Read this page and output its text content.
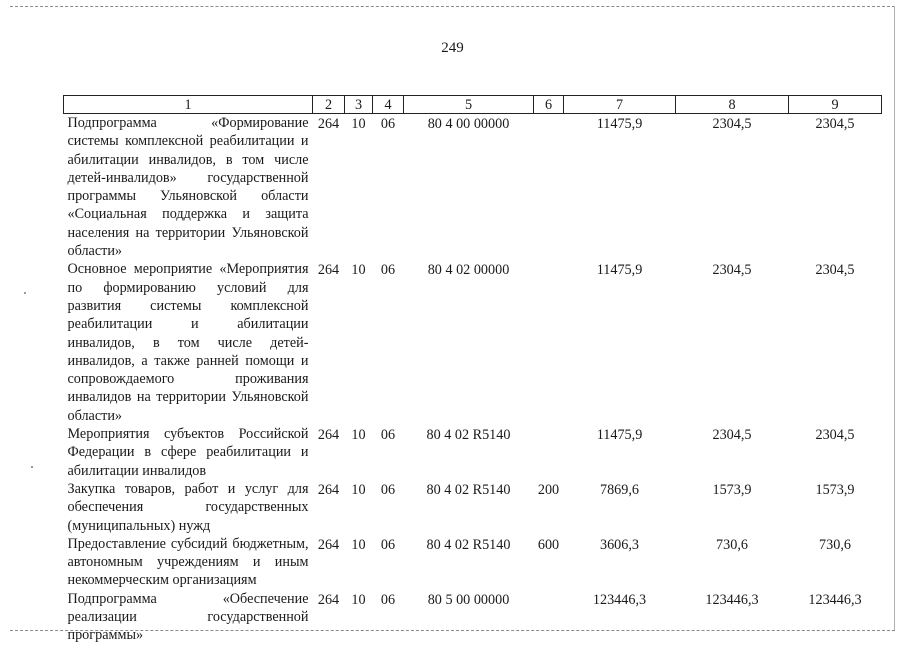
249
1	2	3	4	5	6	7	8	9
Подпрограмма «Формирование системы комплексной реабилитации и абилитации инвалидов, в том числе детей-инвалидов» государственной программы Ульяновской области «Социальная поддержка и защита населения на территории Ульяновской области»	264	10	06	80 4 00 00000		11475,9	2304,5	2304,5
Основное мероприятие «Мероприятия по формированию условий для развития системы комплексной реабилитации и абилитации инвалидов, в том числе детей-инвалидов, а также ранней помощи и сопровождаемого проживания инвалидов на территории Ульяновской области»	264	10	06	80 4 02 00000		11475,9	2304,5	2304,5
Мероприятия субъектов Российской Федерации в сфере реабилитации и абилитации инвалидов	264	10	06	80 4 02 R5140		11475,9	2304,5	2304,5
Закупка товаров, работ и услуг для обеспечения государственных (муниципальных) нужд	264	10	06	80 4 02 R5140	200	7869,6	1573,9	1573,9
Предоставление субсидий бюджетным, автономным учреждениям и иным некоммерческим организациям	264	10	06	80 4 02 R5140	600	3606,3	730,6	730,6
Подпрограмма «Обеспечение реализации государственной программы»	264	10	06	80 5 00 00000		123446,3	123446,3	123446,3
